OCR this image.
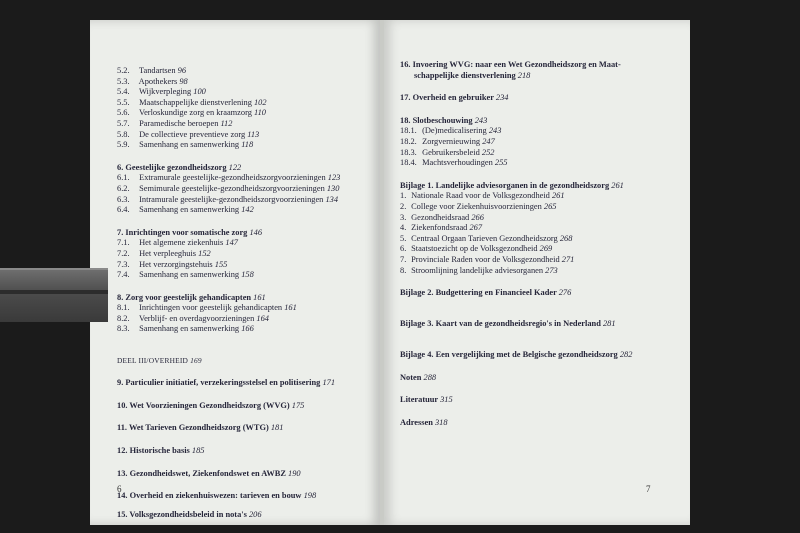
5.2. Tandartsen 96
5.3. Apothekers 98
5.4. Wijkverpleging 100
5.5. Maatschappelijke dienstverlening 102
5.6. Verloskundige zorg en kraamzorg 110
5.7. Paramedische beroepen 112
5.8. De collectieve preventieve zorg 113
5.9. Samenhang en samenwerking 118
6. Geestelijke gezondheidszorg 122
6.1. Extramurale geestelijke-gezondheidszorgvoorzieningen 123
6.2. Semimurale geestelijke-gezondheidszorgvoorzieningen 130
6.3. Intramurale geestelijke-gezondheidszorgvoorzieningen 134
6.4. Samenhang en samenwerking 142
7. Inrichtingen voor somatische zorg 146
7.1. Het algemene ziekenhuis 147
7.2. Het verpleeghuis 152
7.3. Het verzorgingstehuis 155
7.4. Samenhang en samenwerking 158
8. Zorg voor geestelijk gehandicapten 161
8.1. Inrichtingen voor geestelijk gehandicapten 161
8.2. Verblijf- en overdagvoorzieningen 164
8.3. Samenhang en samenwerking 166
DEEL III/OVERHEID 169
9. Particulier initiatief, verzekeringsstelsel en politisering 171
10. Wet Voorzieningen Gezondheidszorg (WVG) 175
11. Wet Tarieven Gezondheidszorg (WTG) 181
12. Historische basis 185
13. Gezondheidswet, Ziekenfondswet en AWBZ 190
14. Overheid en ziekenhuiswezen: tarieven en bouw 198
15. Volksgezondheidsbeleid in nota's 206
16. Invoering WVG: naar een Wet Gezondheidszorg en Maat-
schappelijke dienstverlening 218
17. Overheid en gebruiker 234
18. Slotbeschouwing 243
18.1. (De)medicalisering 243
18.2. Zorgvernieuwing 247
18.3. Gebruikersbeleid 252
18.4. Machtsverhoudingen 255
Bijlage 1. Landelijke adviesorganen in de gezondheidszorg 261
1. Nationale Raad voor de Volksgezondheid 261
2. College voor Ziekenhuisvoorzieningen 265
3. Gezondheidsraad 266
4. Ziekenfondsraad 267
5. Centraal Orgaan Tarieven Gezondheidszorg 268
6. Staatstoezicht op de Volksgezondheid 269
7. Provinciale Raden voor de Volksgezondheid 271
8. Stroomlijning landelijke adviesorganen 273
Bijlage 2. Budgettering en Financieel Kader 276
Bijlage 3. Kaart van de gezondheidsregio's in Nederland 281
Bijlage 4. Een vergelijking met de Belgische gezondheidszorg 282
Noten 288
Literatuur 315
Adressen 318
6	7
